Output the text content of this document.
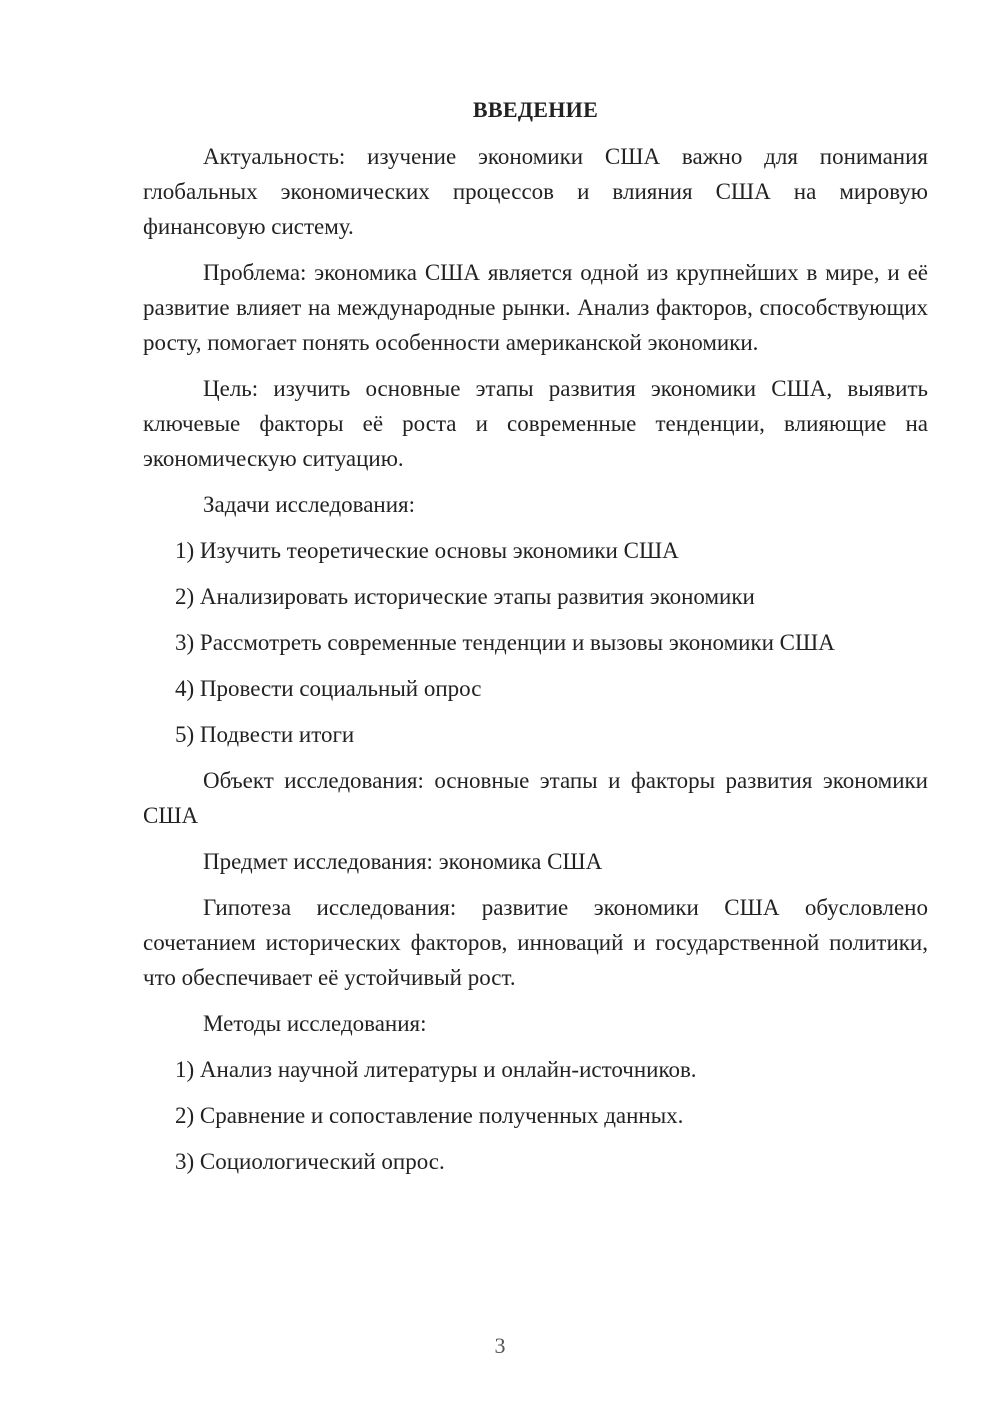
ВВЕДЕНИЕ

Актуальность: изучение экономики США важно для понимания глобальных экономических процессов и влияния США на мировую финансовую систему.

Проблема: экономика США является одной из крупнейших в мире, и её развитие влияет на международные рынки. Анализ факторов, способствующих росту, помогает понять особенности американской экономики.

Цель: изучить основные этапы развития экономики США, выявить ключевые факторы её роста и современные тенденции, влияющие на экономическую ситуацию.

Задачи исследования:

1) Изучить теоретические основы экономики США
2) Анализировать исторические этапы развития экономики
3) Рассмотреть современные тенденции и вызовы экономики США
4) Провести социальный опрос
5) Подвести итоги

Объект исследования: основные этапы и факторы развития экономики США

Предмет исследования: экономика США

Гипотеза исследования: развитие экономики США обусловлено сочетанием исторических факторов, инноваций и государственной политики, что обеспечивает её устойчивый рост.

Методы исследования:

1) Анализ научной литературы и онлайн-источников.
2) Сравнение и сопоставление полученных данных.
3) Социологический опрос.
3
